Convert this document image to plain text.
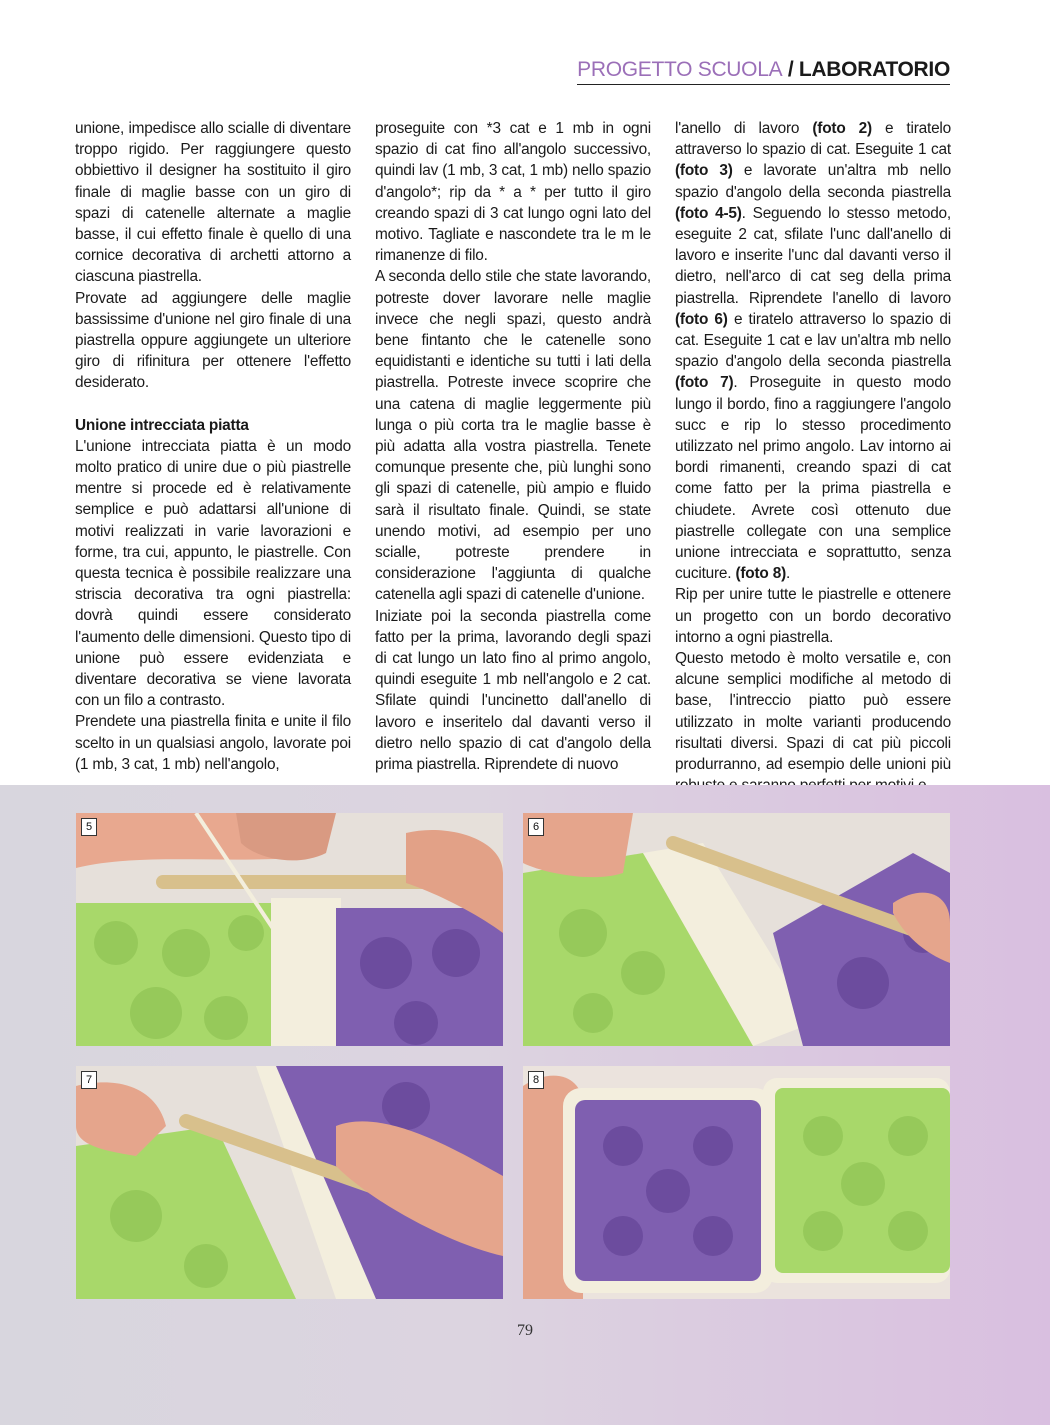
PROGETTO SCUOLA / LABORATORIO

unione, impedisce allo scialle di diventare troppo rigido. Per raggiungere questo obbiettivo il designer ha sostituito il giro finale di maglie basse con un giro di spazi di catenelle alternate a maglie basse, il cui effetto finale è quello di una cornice decorativa di archetti attorno a ciascuna piastrella.

Provate ad aggiungere delle maglie bassissime d'unione nel giro finale di una piastrella oppure aggiungete un ulteriore giro di rifinitura per ottenere l'effetto desiderato.

Unione intrecciata piatta

L'unione intrecciata piatta è un modo molto pratico di unire due o più piastrelle mentre si procede ed è relativamente semplice e può adattarsi all'unione di motivi realizzati in varie lavorazioni e forme, tra cui, appunto, le piastrelle. Con questa tecnica è possibile realizzare una striscia decorativa tra ogni piastrella: dovrà quindi essere considerato l'aumento delle dimensioni. Questo tipo di unione può essere evidenziata e diventare decorativa se viene lavorata con un filo a contrasto.

Prendete una piastrella finita e unite il filo scelto in un qualsiasi angolo, lavorate poi (1 mb, 3 cat, 1 mb) nell'angolo,

proseguite con *3 cat e 1 mb in ogni spazio di cat fino all'angolo successivo, quindi lav (1 mb, 3 cat, 1 mb) nello spazio d'angolo*; rip da * a * per tutto il giro creando spazi di 3 cat lungo ogni lato del motivo. Tagliate e nascondete tra le m le rimanenze di filo.

A seconda dello stile che state lavorando, potreste dover lavorare nelle maglie invece che negli spazi, questo andrà bene fintanto che le catenelle sono equidistanti e identiche su tutti i lati della piastrella. Potreste invece scoprire che una catena di maglie leggermente più lunga o più corta tra le maglie basse è più adatta alla vostra piastrella. Tenete comunque presente che, più lunghi sono gli spazi di catenelle, più ampio e fluido sarà il risultato finale. Quindi, se state unendo motivi, ad esempio per uno scialle, potreste prendere in considerazione l'aggiunta di qualche catenella agli spazi di catenelle d'unione.

Iniziate poi la seconda piastrella come fatto per la prima, lavorando degli spazi di cat lungo un lato fino al primo angolo, quindi eseguite 1 mb nell'angolo e 2 cat. Sfilate quindi l'uncinetto dall'anello di lavoro e inseritelo dal davanti verso il dietro nello spazio di cat d'angolo della prima piastrella. Riprendete di nuovo

l'anello di lavoro (foto 2) e tiratelo attraverso lo spazio di cat. Eseguite 1 cat (foto 3) e lavorate un'altra mb nello spazio d'angolo della seconda piastrella (foto 4-5). Seguendo lo stesso metodo, eseguite 2 cat, sfilate l'unc dall'anello di lavoro e inserite l'unc dal davanti verso il dietro, nell'arco di cat seg della prima piastrella. Riprendete l'anello di lavoro (foto 6) e tiratelo attraverso lo spazio di cat. Eseguite 1 cat e lav un'altra mb nello spazio d'angolo della seconda piastrella (foto 7). Proseguite in questo modo lungo il bordo, fino a raggiungere l'angolo succ e rip lo stesso procedimento utilizzato nel primo angolo. Lav intorno ai bordi rimanenti, creando spazi di cat come fatto per la prima piastrella e chiudete. Avrete così ottenuto due piastrelle collegate con una semplice unione intrecciata e soprattutto, senza cuciture. (foto 8).

Rip per unire tutte le piastrelle e ottenere un progetto con un bordo decorativo intorno a ogni piastrella.

Questo metodo è molto versatile e, con alcune semplici modifiche al metodo di base, l'intreccio piatto può essere utilizzato in molte varianti producendo risultati diversi. Spazi di cat più piccoli produrranno, ad esempio delle unioni più

5	6
7	8
79
